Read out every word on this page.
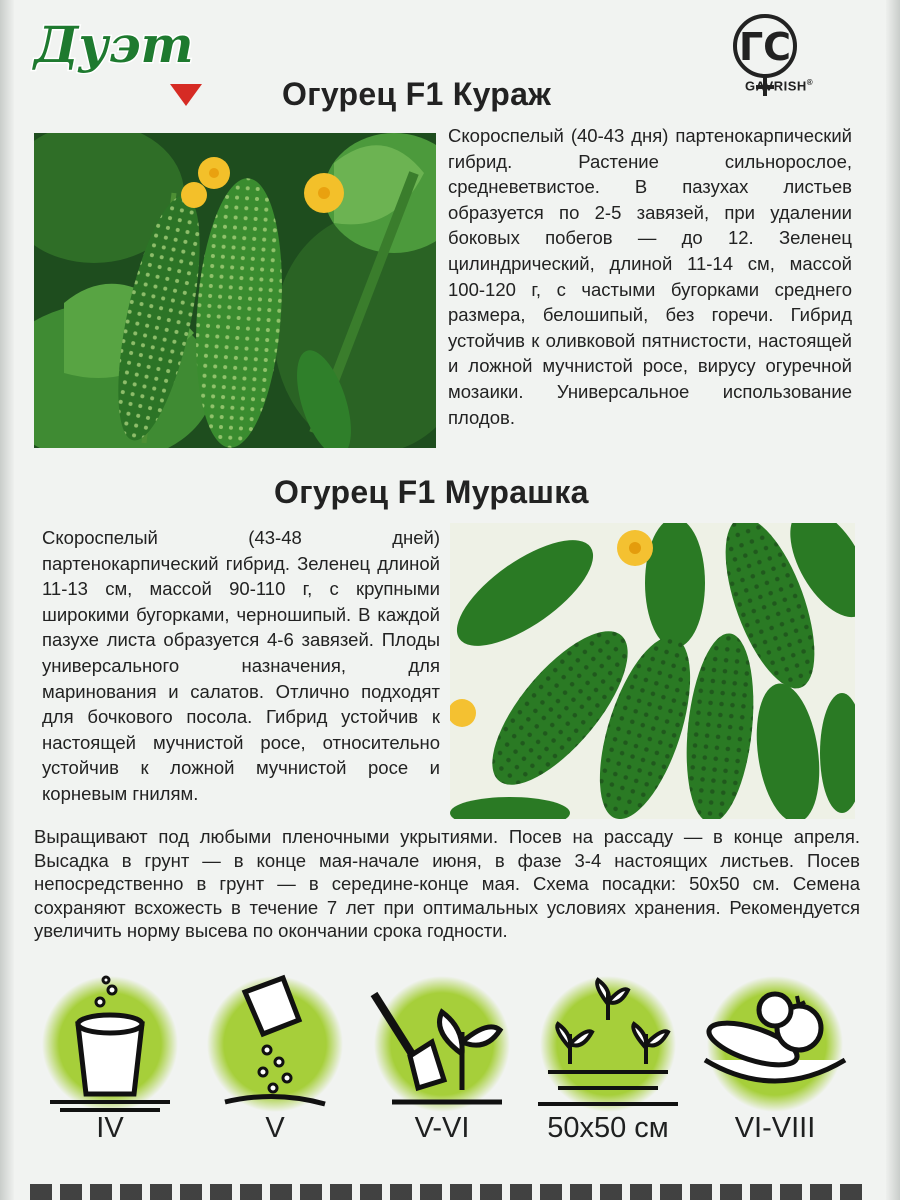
Дуэт	ГС
GAVRISH®
Огурец F1 Кураж

Скороспелый (40-43 дня) партенокарпический гибрид. Растение сильнорослое, средневетвистое. В пазухах листьев образуется по 2-5 завязей, при удалении боковых побегов — до 12. Зеленец цилиндрический, длиной 11-14 см, массой 100-120 г, с частыми бугорками среднего размера, белошипый, без горечи. Гибрид устойчив к оливковой пятнистости, настоящей и ложной мучнистой росе, вирусу огуречной мозаики. Универсальное использование плодов.

Огурец F1 Мурашка

Скороспелый (43-48 дней) партенокарпический гибрид. Зеленец длиной 11-13 см, массой 90-110 г, с крупными широкими бугорками, черношипый. В каждой пазухе листа образуется 4-6 завязей. Плоды универсального назначения, для маринования и салатов. Отлично подходят для бочкового посола. Гибрид устойчив к настоящей мучнистой росе, относительно устойчив к ложной мучнистой росе и корневым гнилям.

Выращивают под любыми пленочными укрытиями. Посев на рассаду — в конце апреля. Высадка в грунт — в конце мая-начале июня, в фазе 3-4 настоящих листьев. Посев непосредственно в грунт — в середине-конце мая. Схема посадки: 50x50 см. Семена сохраняют всхожесть в течение 7 лет при оптимальных условиях хранения. Рекомендуется увеличить норму высева по окончании срока годности.

IV	V	V-VI	50x50 см	VI-VIII
